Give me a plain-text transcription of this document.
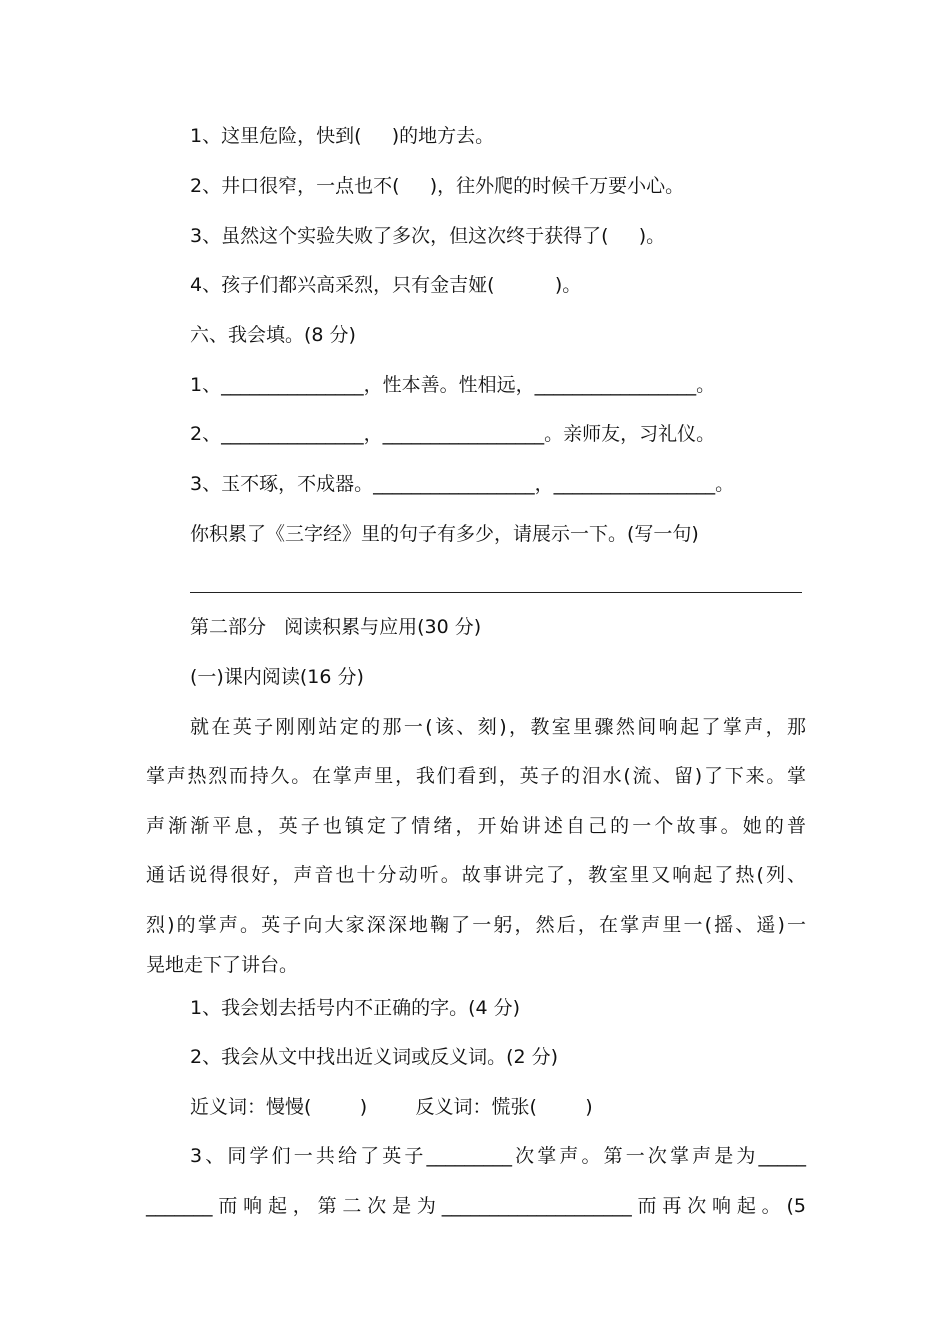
1、这里危险，快到(     )的地方去。
2、井口很窄，一点也不(     )，往外爬的时候千万要小心。
3、虽然这个实验失败了多次，但这次终于获得了(     )。
4、孩子们都兴高采烈，只有金吉娅(          )。
六、我会填。(8 分)
1、_______________，性本善。性相远，_________________。
2、_______________，_________________。亲师友，习礼仪。
3、玉不琢，不成器。_________________，_________________。
你积累了《三字经》里的句子有多少，请展示一下。(写一句)
第二部分   阅读积累与应用(30 分)
(一)课内阅读(16 分)
就在英子刚刚站定的那一(该、刻)，教室里骤然间响起了掌声，那
掌声热烈而持久。在掌声里，我们看到，英子的泪水(流、留)了下来。掌
声渐渐平息，英子也镇定了情绪，开始讲述自己的一个故事。她的普
通话说得很好，声音也十分动听。故事讲完了，教室里又响起了热(列、
烈)的掌声。英子向大家深深地鞠了一躬，然后，在掌声里一(摇、遥)一
晃地走下了讲台。
1、我会划去括号内不正确的字。(4 分)
2、我会从文中找出近义词或反义词。(2 分)
近义词：慢慢(        )        反义词：慌张(        )
3、同学们一共给了英子_________次掌声。第一次掌声是为_____
_______而响起，第二次是为____________________而再次响起。(5
